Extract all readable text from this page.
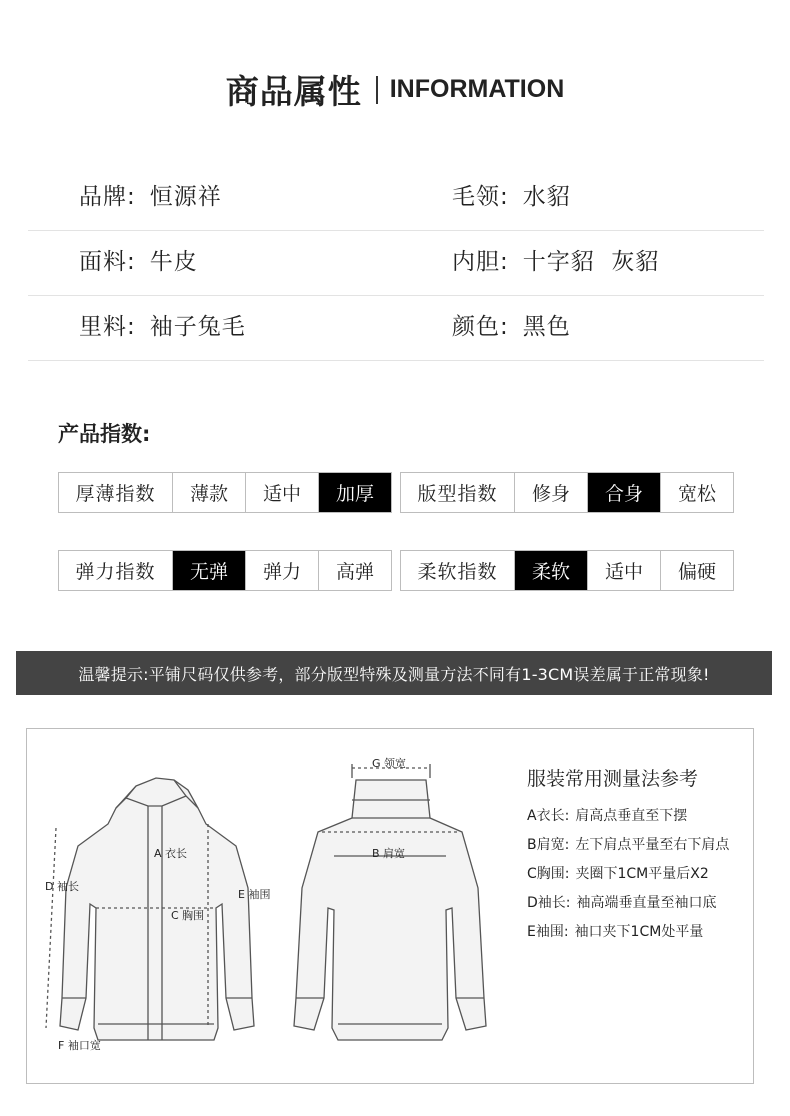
商品属性 INFORMATION
品牌: 恒源祥	毛领: 水貂
面料: 牛皮	内胆: 十字貂  灰貂
里料: 袖子兔毛	颜色: 黑色
产品指数:
厚薄指数	薄款	适中	加厚	版型指数	修身	合身	宽松
弹力指数	无弹	弹力	高弹	柔软指数	柔软	适中	偏硬
温馨提示:平铺尺码仅供参考，部分版型特殊及测量方法不同有1-3CM误差属于正常现象!
A 衣长
C 胸围
D 袖长
E 袖围
F 袖口宽
G 领宽
B 肩宽
服装常用测量法参考
A衣长: 肩高点垂直至下摆
B肩宽: 左下肩点平量至右下肩点
C胸围: 夹圈下1CM平量后X2
D袖长: 袖高端垂直量至袖口底
E袖围: 袖口夹下1CM处平量
